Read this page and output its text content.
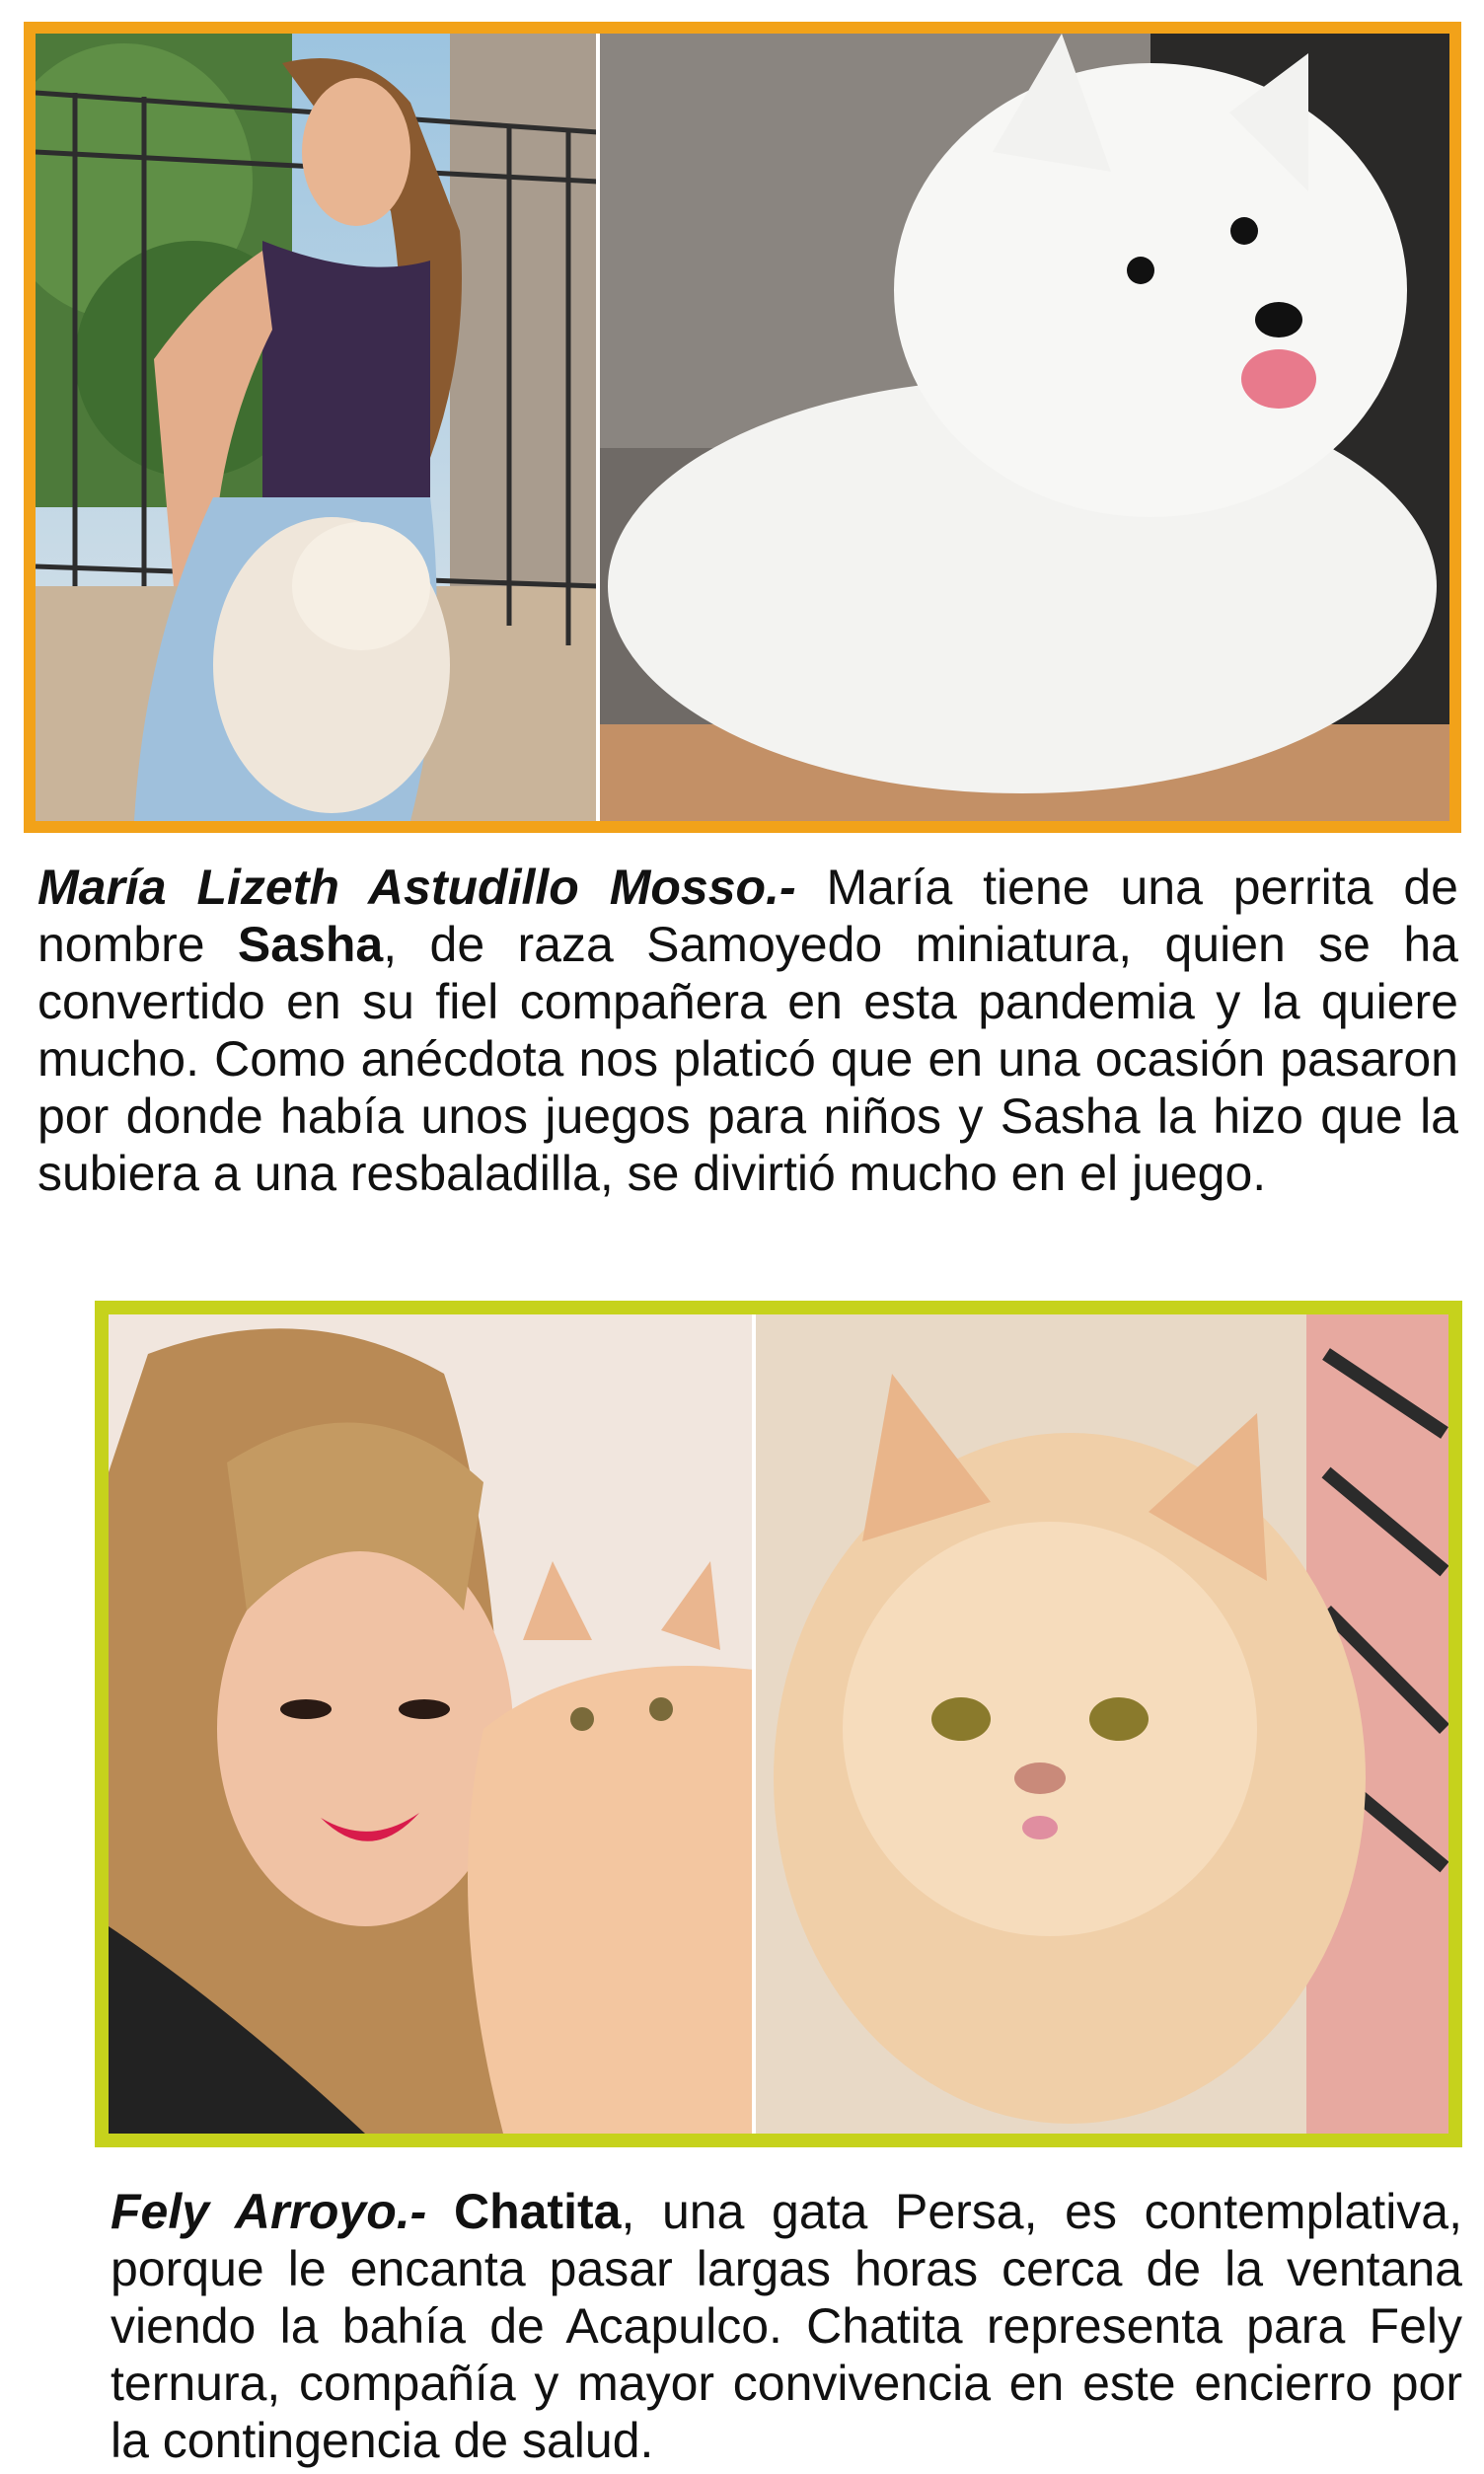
María Lizeth Astudillo Mosso.- María tiene una perrita de nombre Sasha, de raza Samoyedo miniatura, quien se ha convertido en su fiel compañera en esta pandemia y la quiere mucho. Como anécdota nos platicó que en una ocasión pasaron por donde había unos juegos para niños y Sasha la hizo que la subiera a una resbaladilla, se divirtió mucho en el juego.
Fely Arroyo.- Chatita, una gata Persa, es contemplativa, porque le encanta pasar largas horas cerca de la ventana viendo la bahía de Acapulco. Chatita representa para Fely ternura, compañía y mayor convivencia en este encierro por la contingencia de salud.
